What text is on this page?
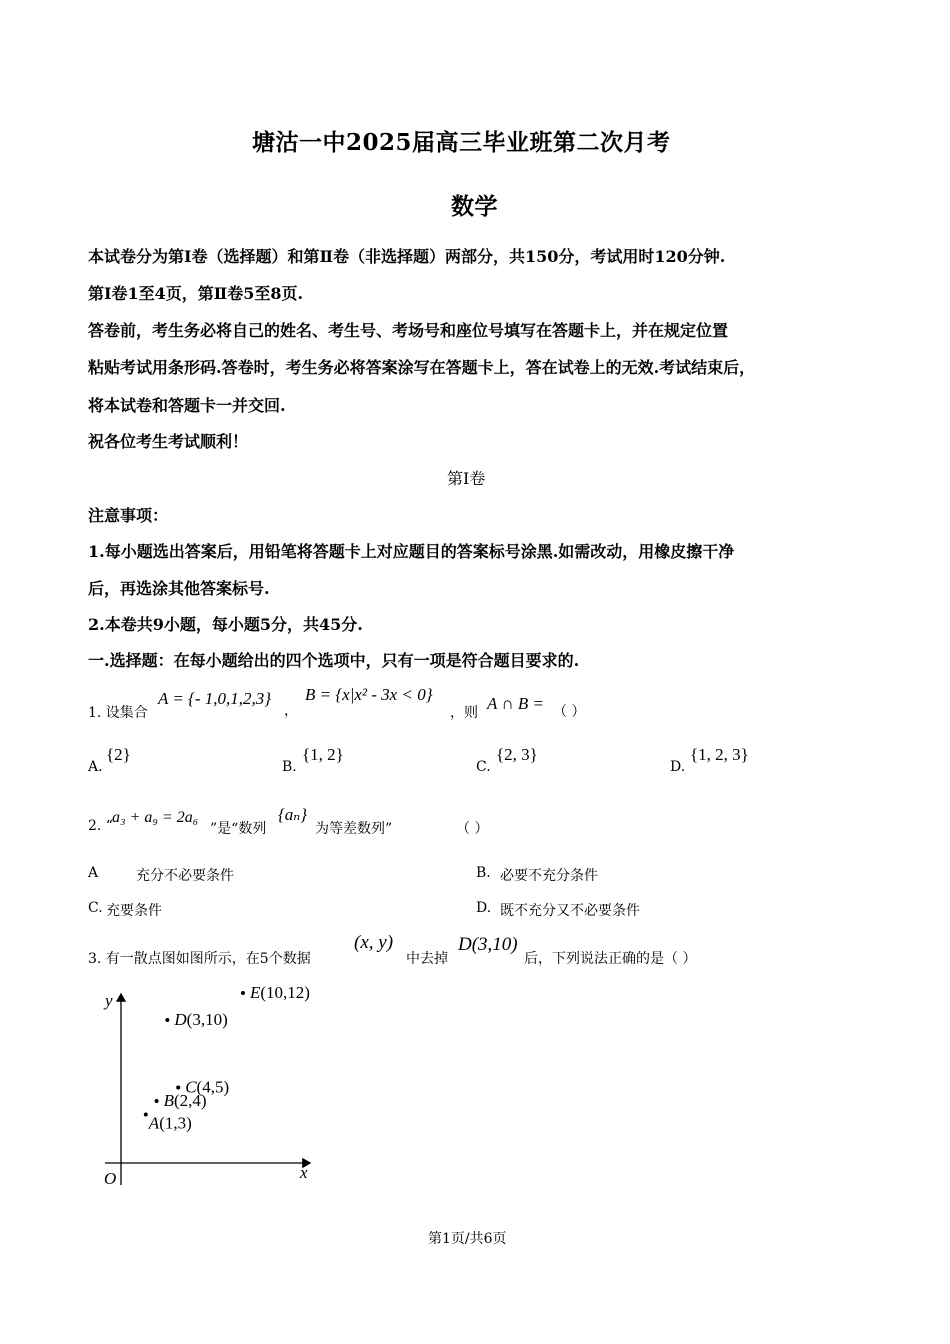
塘沽一中2025届高三毕业班第二次月考
数学
本试卷分为第Ⅰ卷（选择题）和第Ⅱ卷（非选择题）两部分，共150分，考试用时120分钟.
第Ⅰ卷1至4页，第Ⅱ卷5至8页.
答卷前，考生务必将自己的姓名、考生号、考场号和座位号填写在答题卡上，并在规定位置
粘贴考试用条形码.答卷时，考生务必将答案涂写在答题卡上，答在试卷上的无效.考试结束后，
将本试卷和答题卡一并交回.
祝各位考生考试顺利！
第Ⅰ卷
注意事项：
1.每小题选出答案后，用铅笔将答题卡上对应题目的答案标号涂黑.如需改动，用橡皮擦干净
后，再选涂其他答案标号.
2.本卷共9小题，每小题5分，共45分.
一.选择题：在每小题给出的四个选项中，只有一项是符合题目要求的.
1. 设集合
A = {- 1,0,1,2,3}
，
B = {x|x² - 3x < 0}
，则 A ∩ B = （ ）
A.
{2}
B.
{1, 2}
C.
{2, 3}
D.
{1, 2, 3}
2. “ a₃ + a₉ = 2a₆
”是“数列
{aₙ}
为等差数列”	（ ）
A	充分不必要条件	B. 必要不充分条件
C. 充要条件	D. 既不充分又不必要条件
3. 有一散点图如图所示，在5个数据
(x, y)
中去掉
D(3,10)
后，下列说法正确的是（ ）
y
x
O
A(1,3)
B(2,4)
C(4,5)
D(3,10)
E(10,12)
第1页/共6页
